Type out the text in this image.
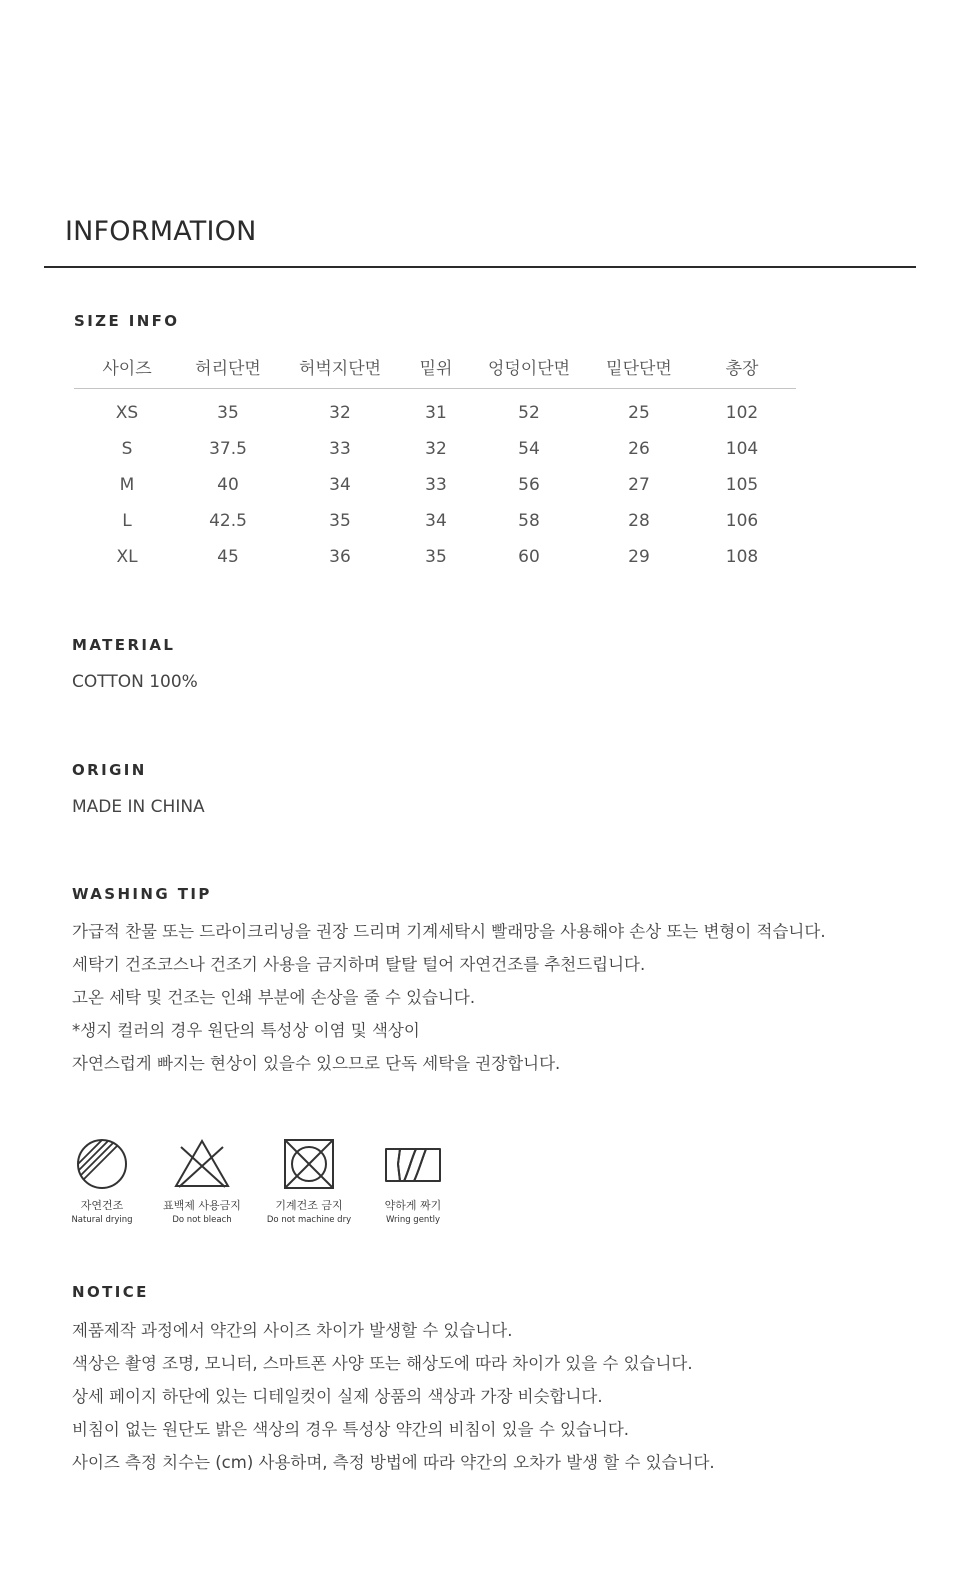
INFORMATION
SIZE INFO
사이즈	허리단면	허벅지단면	밑위	엉덩이단면	밑단단면	총장
XS	35	32	31	52	25	102
S	37.5	33	32	54	26	104
M	40	34	33	56	27	105
L	42.5	35	34	58	28	106
XL	45	36	35	60	29	108
MATERIAL
COTTON 100%
ORIGIN
MADE IN CHINA
WASHING TIP
가급적 찬물 또는 드라이크리닝을 권장 드리며 기계세탁시 빨래망을 사용해야 손상 또는 변형이 적습니다.
세탁기 건조코스나 건조기 사용을 금지하며 탈탈 털어 자연건조를 추천드립니다.
고온 세탁 및 건조는 인쇄 부분에 손상을 줄 수 있습니다.
*생지 컬러의 경우 원단의 특성상 이염 및 색상이
자연스럽게 빠지는 현상이 있을수 있으므로 단독 세탁을 권장합니다.
자연건조
Natural drying
표백제 사용금지
Do not bleach
기계건조 금지
Do not machine dry
약하게 짜기
Wring gently
NOTICE
제품제작 과정에서 약간의 사이즈 차이가 발생할 수 있습니다.
색상은 촬영 조명, 모니터, 스마트폰 사양 또는 해상도에 따라 차이가 있을 수 있습니다.
상세 페이지 하단에 있는 디테일컷이 실제 상품의 색상과 가장 비슷합니다.
비침이 없는 원단도 밝은 색상의 경우 특성상 약간의 비침이 있을 수 있습니다.
사이즈 측정 치수는 (cm) 사용하며, 측정 방법에 따라 약간의 오차가 발생 할 수 있습니다.
